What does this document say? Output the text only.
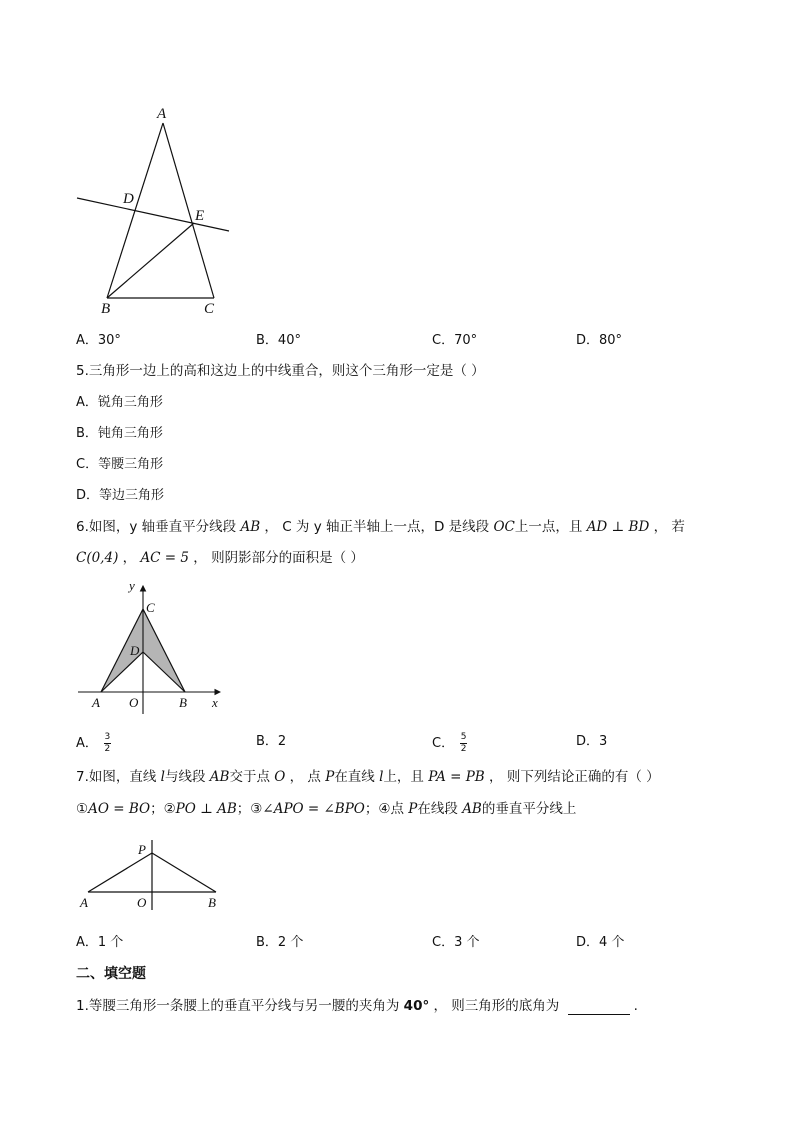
A
D
E
B	C
A．30°	B．40°	C．70°	D．80°
5.三角形一边上的高和这边上的中线重合，则这个三角形一定是（ ）
A．锐角三角形
B．钝角三角形
C．等腰三角形
D．等边三角形
6.如图，y 轴垂直平分线段 AB ， C 为 y 轴正半轴上一点，D 是线段 OC上一点，且 AD ⊥ BD ， 若
C(0,4) ， AC = 5 ， 则阴影部分的面积是（ ）
y
C
D
A O	B x
A． $\frac{3}{2}$	B．2	C． $\frac{5}{2}$	D．3
7.如图，直线 l与线段 AB交于点 O ， 点 P在直线 l上，且 PA = PB ， 则下列结论正确的有（ ）
①AO = BO；②PO ⊥ AB；③∠APO = ∠BPO；④点 P在线段 AB的垂直平分线上
P
A	O	B
A．1 个	B．2 个	C．3 个	D．4 个
二、填空题
1.等腰三角形一条腰上的垂直平分线与另一腰的夹角为 40° ， 则三角形的底角为	.
